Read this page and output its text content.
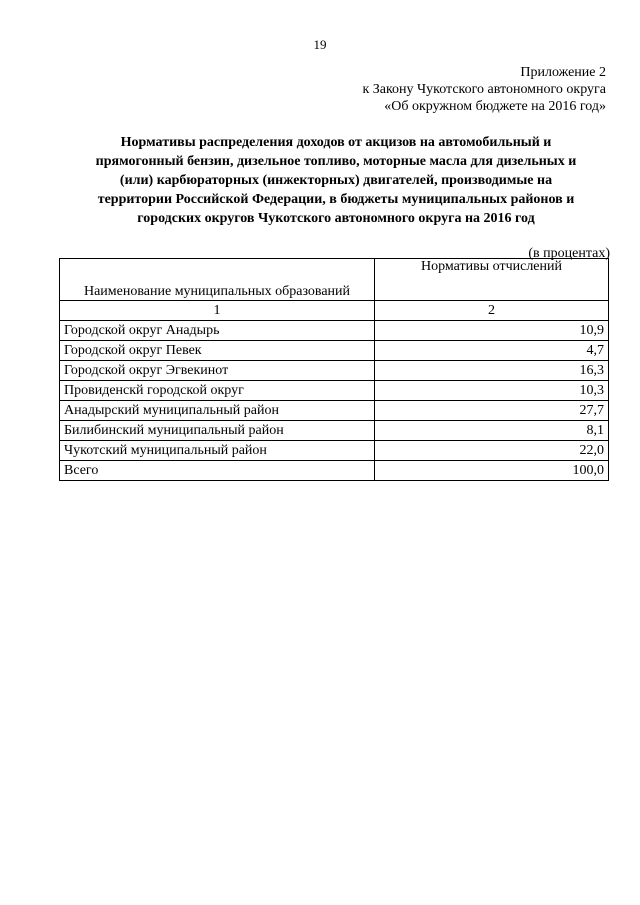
19
Приложение 2
к Закону Чукотского автономного округа
«Об окружном бюджете на 2016 год»
Нормативы распределения доходов от акцизов на автомобильный и
прямогонный бензин, дизельное топливо, моторные масла для дизельных и
(или) карбюраторных (инжекторных) двигателей, производимые на
территории Российской Федерации, в бюджеты муниципальных районов и
городских округов Чукотского автономного округа на 2016 год
(в процентах)
Наименование муниципальных образований	Нормативы отчислений
1	2
Городской округ Анадырь	10,9
Городской округ Певек	4,7
Городской округ Эгвекинот	16,3
Провиденскй городской округ	10,3
Анадырский муниципальный район	27,7
Билибинский муниципальный район	8,1
Чукотский муниципальный район	22,0
Всего	100,0
